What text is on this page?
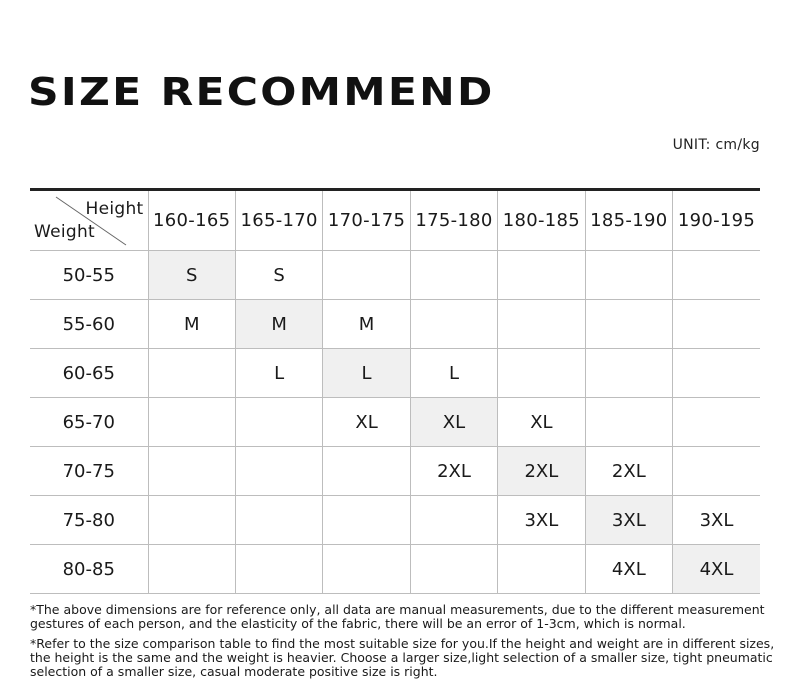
SIZE RECOMMEND
UNIT: cm/kg
Height
Weight	160-165	165-170	170-175	175-180	180-185	185-190	190-195
50-55	S	S					
55-60	M	M	M				
60-65		L	L	L			
65-70			XL	XL	XL		
70-75				2XL	2XL	2XL	
75-80					3XL	3XL	3XL
80-85						4XL	4XL
*The above dimensions are for reference only, all data are manual measurements, due to the different measurement gestures of each person, and the elasticity of the fabric, there will be an error of 1-3cm, which is normal.
*Refer to the size comparison table to find the most suitable size for you.If the height and weight are in different sizes, the height is the same and the weight is heavier. Choose a larger size,light selection of a smaller size, tight pneumatic selection of a smaller size, casual moderate positive size is right.
